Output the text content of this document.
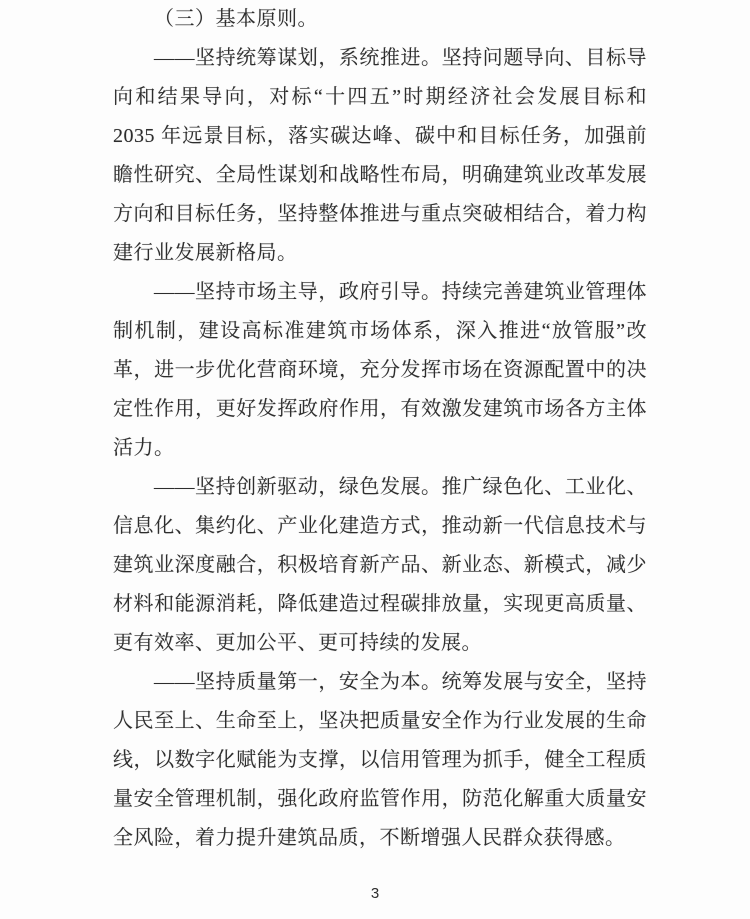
（三）基本原则。

——坚持统筹谋划，系统推进。坚持问题导向、目标导向和结果导向，对标“十四五”时期经济社会发展目标和 2035 年远景目标，落实碳达峰、碳中和目标任务，加强前瞻性研究、全局性谋划和战略性布局，明确建筑业改革发展方向和目标任务，坚持整体推进与重点突破相结合，着力构建行业发展新格局。

——坚持市场主导，政府引导。持续完善建筑业管理体制机制，建设高标准建筑市场体系，深入推进“放管服”改革，进一步优化营商环境，充分发挥市场在资源配置中的决定性作用，更好发挥政府作用，有效激发建筑市场各方主体活力。

——坚持创新驱动，绿色发展。推广绿色化、工业化、信息化、集约化、产业化建造方式，推动新一代信息技术与建筑业深度融合，积极培育新产品、新业态、新模式，减少材料和能源消耗，降低建造过程碳排放量，实现更高质量、更有效率、更加公平、更可持续的发展。

——坚持质量第一，安全为本。统筹发展与安全，坚持人民至上、生命至上，坚决把质量安全作为行业发展的生命线，以数字化赋能为支撑，以信用管理为抓手，健全工程质量安全管理机制，强化政府监管作用，防范化解重大质量安全风险，着力提升建筑品质，不断增强人民群众获得感。

3
